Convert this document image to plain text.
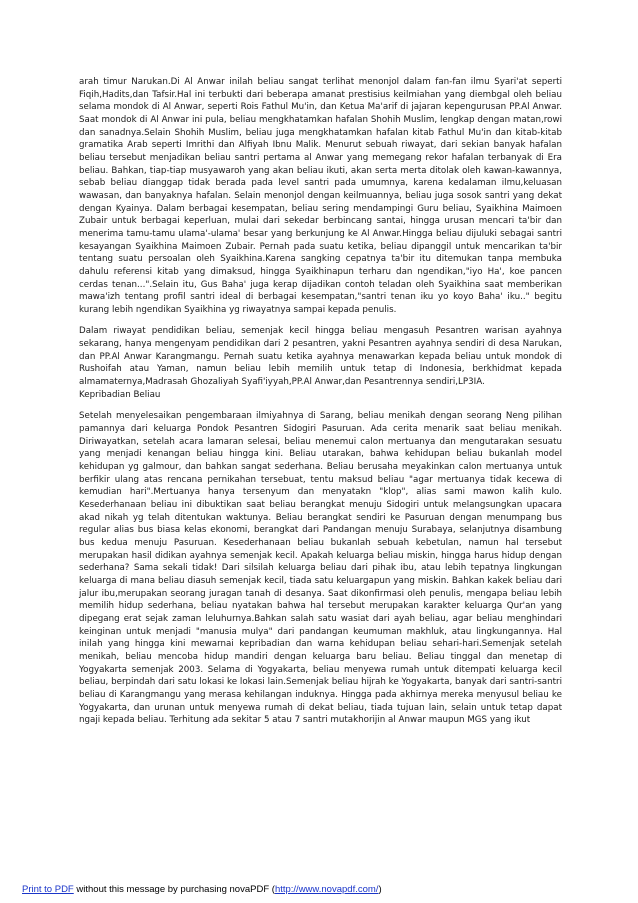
arah timur Narukan.Di Al Anwar inilah beliau sangat terlihat menonjol dalam fan-fan ilmu Syari'at seperti Fiqih,Hadits,dan Tafsir.Hal ini terbukti dari beberapa amanat prestisius keilmiahan yang diembgal oleh beliau selama mondok di Al Anwar, seperti Rois Fathul Mu'in, dan Ketua Ma'arif di jajaran kepengurusan PP.Al Anwar. Saat mondok di Al Anwar ini pula, beliau mengkhatamkan hafalan Shohih Muslim, lengkap dengan matan,rowi dan sanadnya.Selain Shohih Muslim, beliau juga mengkhatamkan hafalan kitab Fathul Mu'in dan kitab-kitab gramatika Arab seperti Imrithi dan Alfiyah Ibnu Malik. Menurut sebuah riwayat, dari sekian banyak hafalan beliau tersebut menjadikan beliau santri pertama al Anwar yang memegang rekor hafalan terbanyak di Era beliau. Bahkan, tiap-tiap musyawaroh yang akan beliau ikuti, akan serta merta ditolak oleh kawan-kawannya, sebab beliau dianggap tidak berada pada level santri pada umumnya, karena kedalaman ilmu,keluasan wawasan, dan banyaknya hafalan. Selain menonjol dengan keilmuannya, beliau juga sosok santri yang dekat dengan Kyainya. Dalam berbagai kesempatan, beliau sering mendampingi Guru beliau, Syaikhina Maimoen Zubair untuk berbagai keperluan, mulai dari sekedar berbincang santai, hingga urusan mencari ta'bir dan menerima tamu-tamu ulama'-ulama' besar yang berkunjung ke Al Anwar.Hingga beliau dijuluki sebagai santri kesayangan Syaikhina Maimoen Zubair. Pernah pada suatu ketika, beliau dipanggil untuk mencarikan ta'bir tentang suatu persoalan oleh Syaikhina.Karena sangking cepatnya ta'bir itu ditemukan tanpa membuka dahulu referensi kitab yang dimaksud, hingga Syaikhinapun terharu dan ngendikan,"iyo Ha', koe pancen cerdas tenan...".Selain itu, Gus Baha' juga kerap dijadikan contoh teladan oleh Syaikhina saat memberikan mawa'izh tentang profil santri ideal di berbagai kesempatan,"santri tenan iku yo koyo Baha' iku.." begitu kurang lebih ngendikan Syaikhina yg riwayatnya sampai kepada penulis.

Dalam riwayat pendidikan beliau, semenjak kecil hingga beliau mengasuh Pesantren warisan ayahnya sekarang, hanya mengenyam pendidikan dari 2 pesantren, yakni Pesantren ayahnya sendiri di desa Narukan, dan PP.Al Anwar Karangmangu. Pernah suatu ketika ayahnya menawarkan kepada beliau untuk mondok di Rushoifah atau Yaman, namun beliau lebih memilih untuk tetap di Indonesia, berkhidmat kepada almamaternya,Madrasah Ghozaliyah Syafi'iyyah,PP.Al Anwar,dan Pesantrennya sendiri,LP3IA.

Kepribadian Beliau

Setelah menyelesaikan pengembaraan ilmiyahnya di Sarang, beliau menikah dengan seorang Neng pilihan pamannya dari keluarga Pondok Pesantren Sidogiri Pasuruan. Ada cerita menarik saat beliau menikah. Diriwayatkan, setelah acara lamaran selesai, beliau menemui calon mertuanya dan mengutarakan sesuatu yang menjadi kenangan beliau hingga kini. Beliau utarakan, bahwa kehidupan beliau bukanlah model kehidupan yg galmour, dan bahkan sangat sederhana. Beliau berusaha meyakinkan calon mertuanya untuk berfikir ulang atas rencana pernikahan tersebuat, tentu maksud beliau "agar mertuanya tidak kecewa di kemudian hari".Mertuanya hanya tersenyum dan menyatakn "klop", alias sami mawon kalih kulo. Kesederhanaan beliau ini dibuktikan saat beliau berangkat menuju Sidogiri untuk melangsungkan upacara akad nikah yg telah ditentukan waktunya. Beliau berangkat sendiri ke Pasuruan dengan menumpang bus regular alias bus biasa kelas ekonomi, berangkat dari Pandangan menuju Surabaya, selanjutnya disambung bus kedua menuju Pasuruan. Kesederhanaan beliau bukanlah sebuah kebetulan, namun hal tersebut merupakan hasil didikan ayahnya semenjak kecil. Apakah keluarga beliau miskin, hingga harus hidup dengan sederhana? Sama sekali tidak! Dari silsilah keluarga beliau dari pihak ibu, atau lebih tepatnya lingkungan keluarga di mana beliau diasuh semenjak kecil, tiada satu keluargapun yang miskin. Bahkan kakek beliau dari jalur ibu,merupakan seorang juragan tanah di desanya. Saat dikonfirmasi oleh penulis, mengapa beliau lebih memilih hidup sederhana, beliau nyatakan bahwa hal tersebut merupakan karakter keluarga Qur'an yang dipegang erat sejak zaman leluhurnya.Bahkan salah satu wasiat dari ayah beliau, agar beliau menghindari keinginan untuk menjadi "manusia mulya" dari pandangan keumuman makhluk, atau lingkungannya. Hal inilah yang hingga kini mewarnai kepribadian dan warna kehidupan beliau sehari-hari.Semenjak setelah menikah, beliau mencoba hidup mandiri dengan keluarga baru beliau. Beliau tinggal dan menetap di Yogyakarta semenjak 2003. Selama di Yogyakarta, beliau menyewa rumah untuk ditempati keluarga kecil beliau, berpindah dari satu lokasi ke lokasi lain.Semenjak beliau hijrah ke Yogyakarta, banyak dari santri-santri beliau di Karangmangu yang merasa kehilangan induknya. Hingga pada akhirnya mereka menyusul beliau ke Yogyakarta, dan urunan untuk menyewa rumah di dekat beliau, tiada tujuan lain, selain untuk tetap dapat ngaji kepada beliau. Terhitung ada sekitar 5 atau 7 santri mutakhorijin al Anwar maupun MGS yang ikut

Print to PDF without this message by purchasing novaPDF (http://www.novapdf.com/)
